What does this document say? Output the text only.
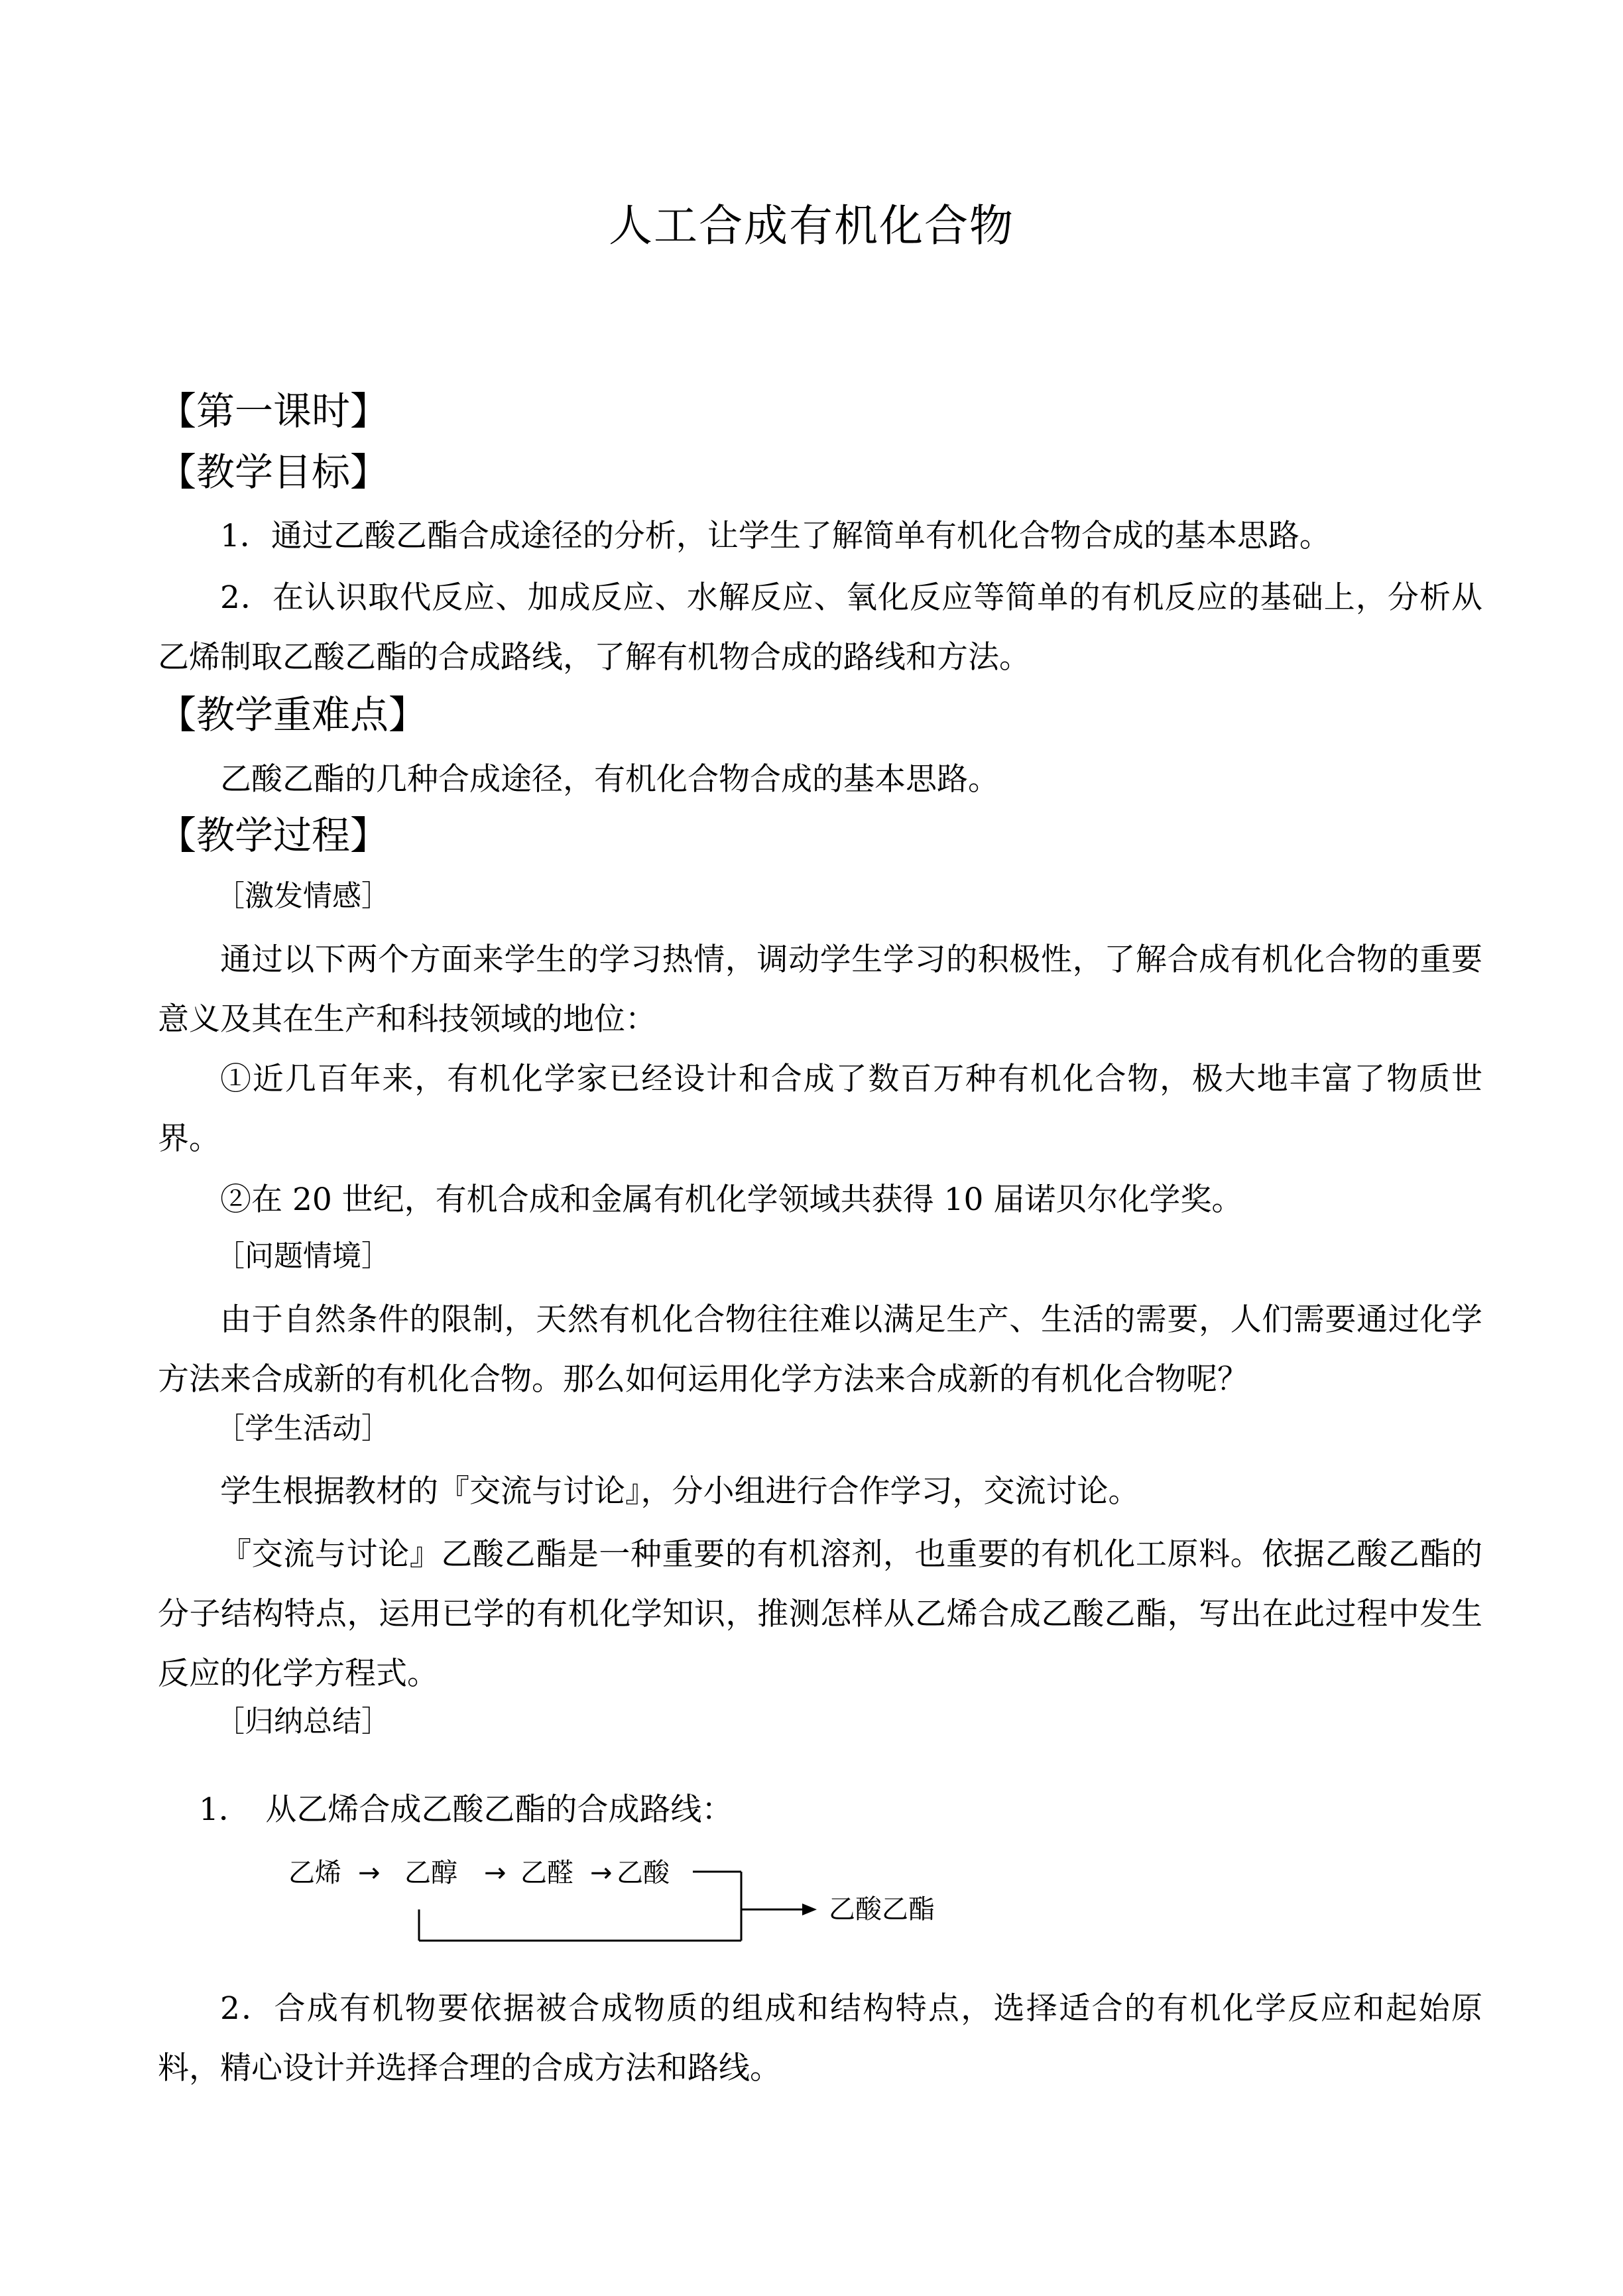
人工合成有机化合物
【第一课时】
【教学目标】
1．通过乙酸乙酯合成途径的分析，让学生了解简单有机化合物合成的基本思路。
2．在认识取代反应、加成反应、水解反应、氧化反应等简单的有机反应的基础上，分析从乙烯制取乙酸乙酯的合成路线，了解有机物合成的路线和方法。
【教学重难点】
乙酸乙酯的几种合成途径，有机化合物合成的基本思路。
【教学过程】
［激发情感］
通过以下两个方面来学生的学习热情，调动学生学习的积极性，了解合成有机化合物的重要意义及其在生产和科技领域的地位：
①近几百年来，有机化学家已经设计和合成了数百万种有机化合物，极大地丰富了物质世界。
②在 20 世纪，有机合成和金属有机化学领域共获得 10 届诺贝尔化学奖。
［问题情境］
由于自然条件的限制，天然有机化合物往往难以满足生产、生活的需要，人们需要通过化学方法来合成新的有机化合物。那么如何运用化学方法来合成新的有机化合物呢？
［学生活动］
学生根据教材的『交流与讨论』，分小组进行合作学习，交流讨论。
『交流与讨论』乙酸乙酯是一种重要的有机溶剂，也重要的有机化工原料。依据乙酸乙酯的分子结构特点，运用已学的有机化学知识，推测怎样从乙烯合成乙酸乙酯，写出在此过程中发生反应的化学方程式。
［归纳总结］
1．　从乙烯合成乙酸乙酯的合成路线：
乙烯 → 乙醇 → 乙醛 → 乙酸
乙酸乙酯
2．合成有机物要依据被合成物质的组成和结构特点，选择适合的有机化学反应和起始原料，精心设计并选择合理的合成方法和路线。
